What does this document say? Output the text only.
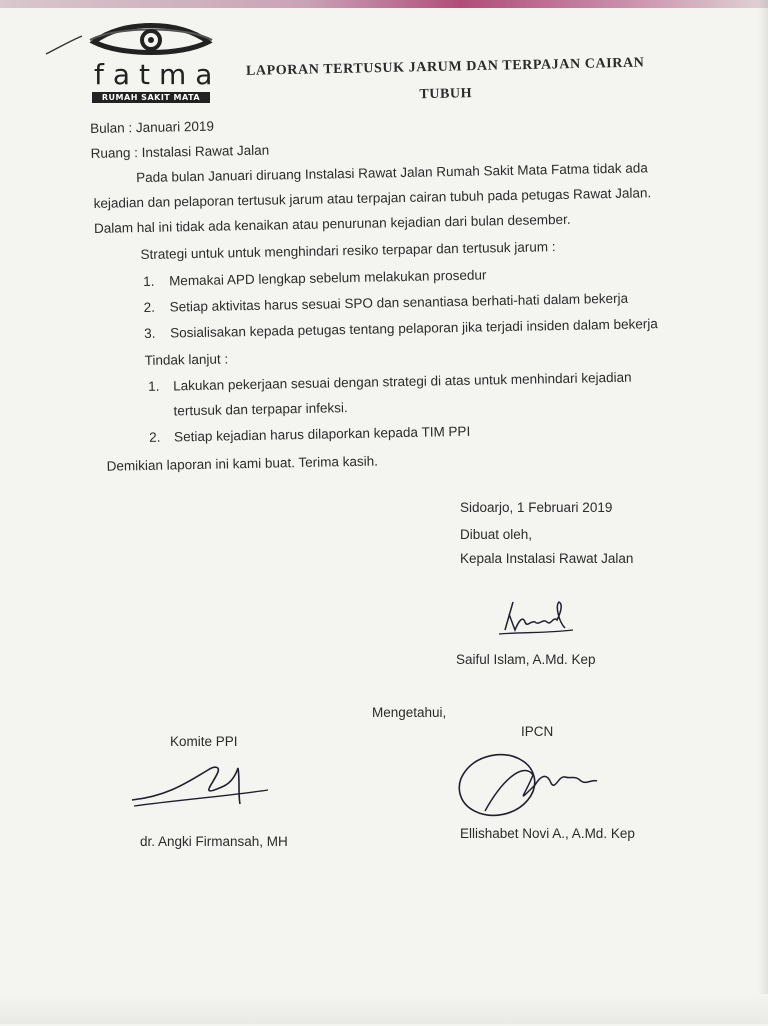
fatma
RUMAH SAKIT MATA
LAPORAN TERTUSUK JARUM DAN TERPAJAN CAIRAN
TUBUH
Bulan : Januari 2019
Ruang : Instalasi Rawat Jalan
Pada bulan Januari diruang Instalasi Rawat Jalan Rumah Sakit Mata Fatma tidak ada
kejadian dan pelaporan tertusuk jarum atau terpajan cairan tubuh pada petugas Rawat Jalan.
Dalam hal ini tidak ada kenaikan atau penurunan kejadian dari bulan desember.
Strategi untuk untuk menghindari resiko terpapar dan tertusuk jarum :
1. Memakai APD lengkap sebelum melakukan prosedur
2. Setiap aktivitas harus sesuai SPO dan senantiasa berhati-hati dalam bekerja
3. Sosialisakan kepada petugas tentang pelaporan jika terjadi insiden dalam bekerja
Tindak lanjut :
1. Lakukan pekerjaan sesuai dengan strategi di atas untuk menhindari kejadian
tertusuk dan terpapar infeksi.
2. Setiap kejadian harus dilaporkan kepada TIM PPI
Demikian laporan ini kami buat. Terima kasih.
Sidoarjo, 1 Februari 2019
Dibuat oleh,
Kepala Instalasi Rawat Jalan
Saiful Islam, A.Md. Kep
Mengetahui,
Komite PPI
IPCN
dr. Angki Firmansah, MH
Ellishabet Novi A., A.Md. Kep
